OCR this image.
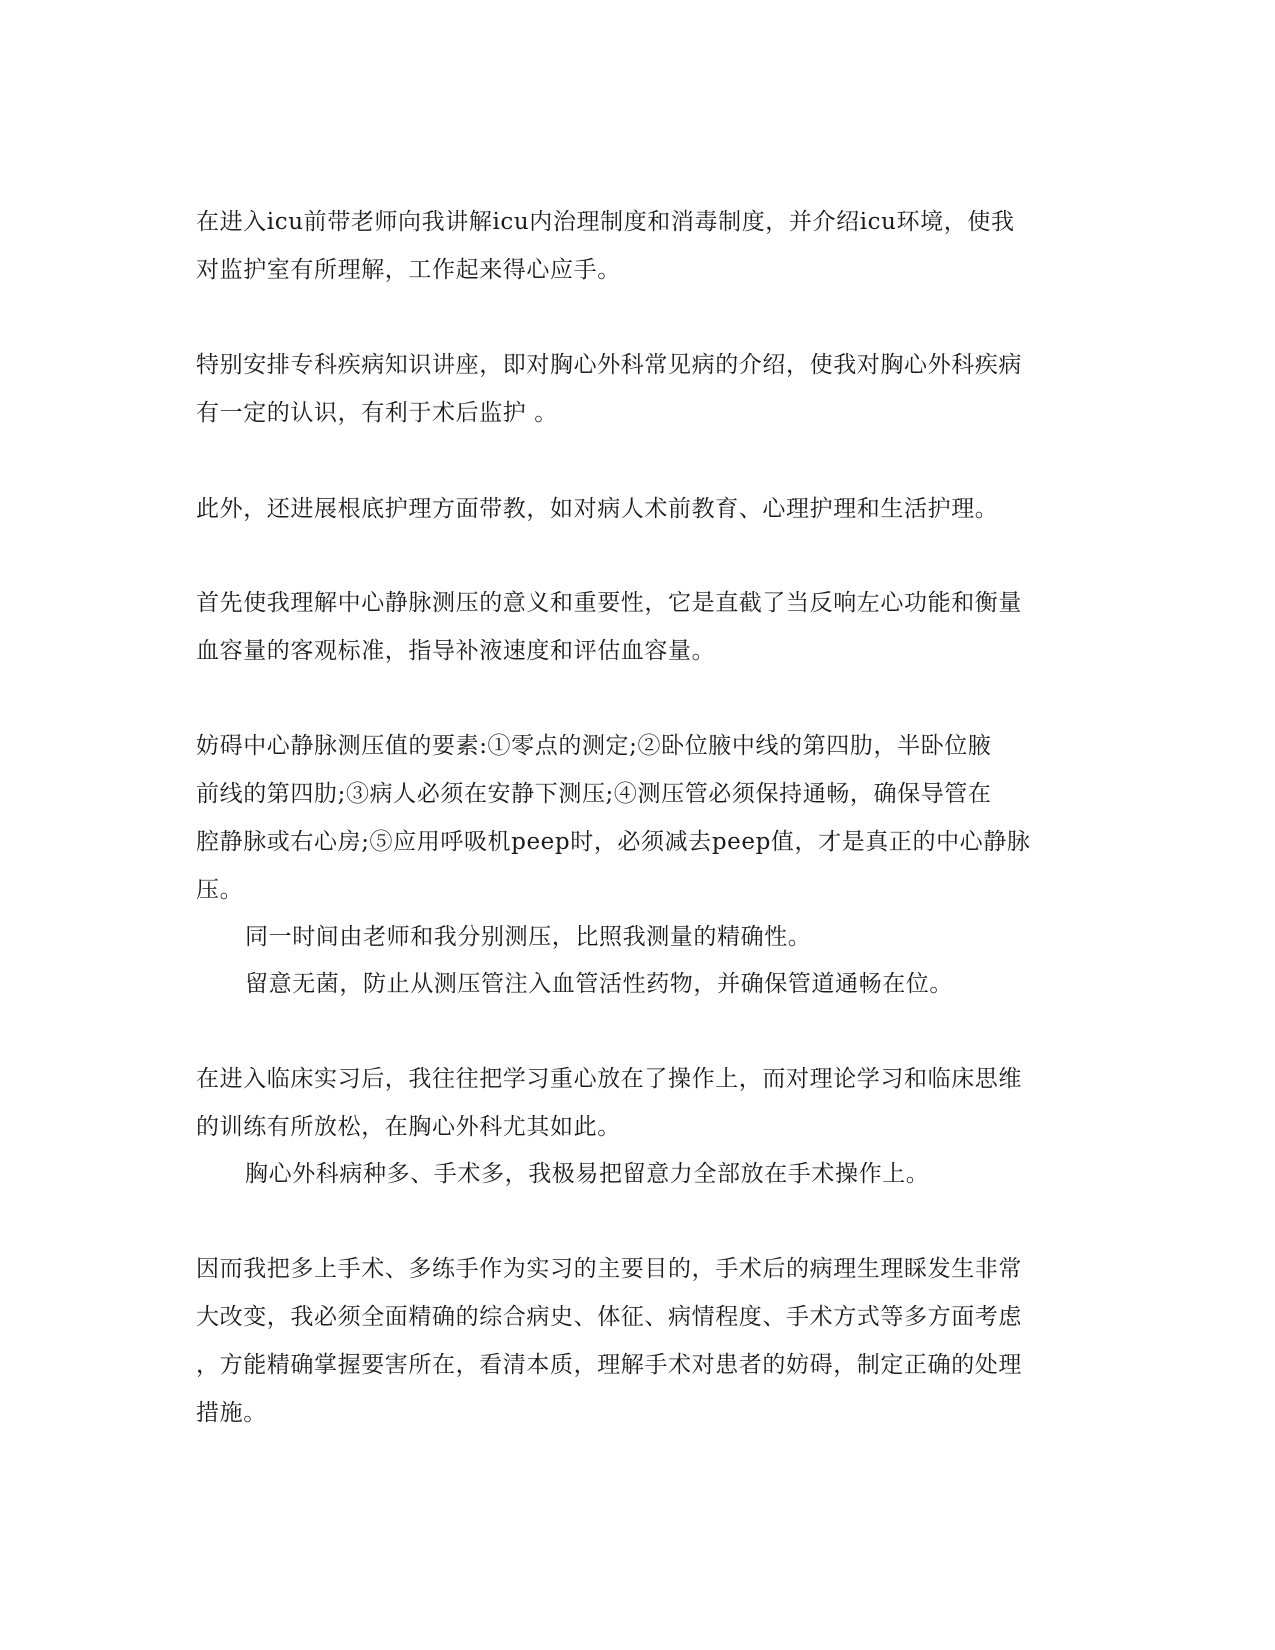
在进入icu前带老师向我讲解icu内治理制度和消毒制度，并介绍icu环境，使我
对监护室有所理解，工作起来得心应手。
特别安排专科疾病知识讲座，即对胸心外科常见病的介绍，使我对胸心外科疾病
有一定的认识，有利于术后监护 。
此外，还进展根底护理方面带教，如对病人术前教育、心理护理和生活护理。
首先使我理解中心静脉测压的意义和重要性，它是直截了当反响左心功能和衡量
血容量的客观标准，指导补液速度和评估血容量。
妨碍中心静脉测压值的要素:①零点的测定;②卧位腋中线的第四肋，半卧位腋
前线的第四肋;③病人必须在安静下测压;④测压管必须保持通畅，确保导管在
腔静脉或右心房;⑤应用呼吸机peep时，必须减去peep值，才是真正的中心静脉
压。
同一时间由老师和我分别测压，比照我测量的精确性。
留意无菌，防止从测压管注入血管活性药物，并确保管道通畅在位。
在进入临床实习后，我往往把学习重心放在了操作上，而对理论学习和临床思维
的训练有所放松，在胸心外科尤其如此。
胸心外科病种多、手术多，我极易把留意力全部放在手术操作上。
因而我把多上手术、多练手作为实习的主要目的，手术后的病理生理睬发生非常
大改变，我必须全面精确的综合病史、体征、病情程度、手术方式等多方面考虑
，方能精确掌握要害所在，看清本质，理解手术对患者的妨碍，制定正确的处理
措施。
